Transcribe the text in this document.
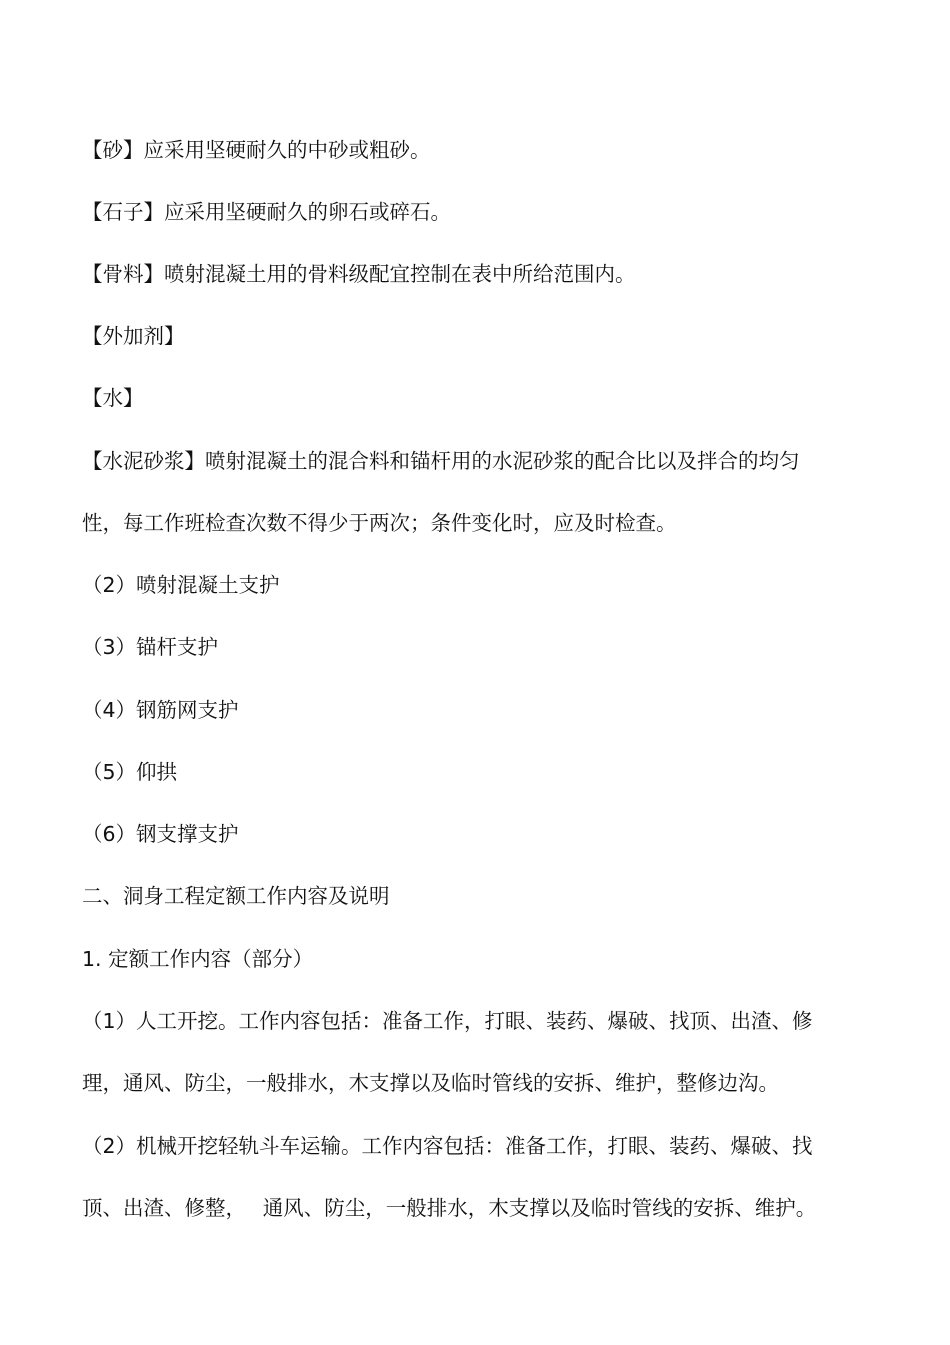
【砂】应采用坚硬耐久的中砂或粗砂。
【石子】应采用坚硬耐久的卵石或碎石。
【骨料】喷射混凝土用的骨料级配宜控制在表中所给范围内。
【外加剂】
【水】
【水泥砂浆】喷射混凝土的混合料和锚杆用的水泥砂浆的配合比以及拌合的均匀
性，每工作班检查次数不得少于两次；条件变化时，应及时检查。
（2）喷射混凝土支护
（3）锚杆支护
（4）钢筋网支护
（5）仰拱
（6）钢支撑支护
二、洞身工程定额工作内容及说明
1. 定额工作内容（部分）
（1）人工开挖。工作内容包括：准备工作，打眼、装药、爆破、找顶、出渣、修
理，通风、防尘，一般排水，木支撑以及临时管线的安拆、维护，整修边沟。
（2）机械开挖轻轨斗车运输。工作内容包括：准备工作，打眼、装药、爆破、找
顶、出渣、修整，　 通风、防尘，一般排水，木支撑以及临时管线的安拆、维护。
